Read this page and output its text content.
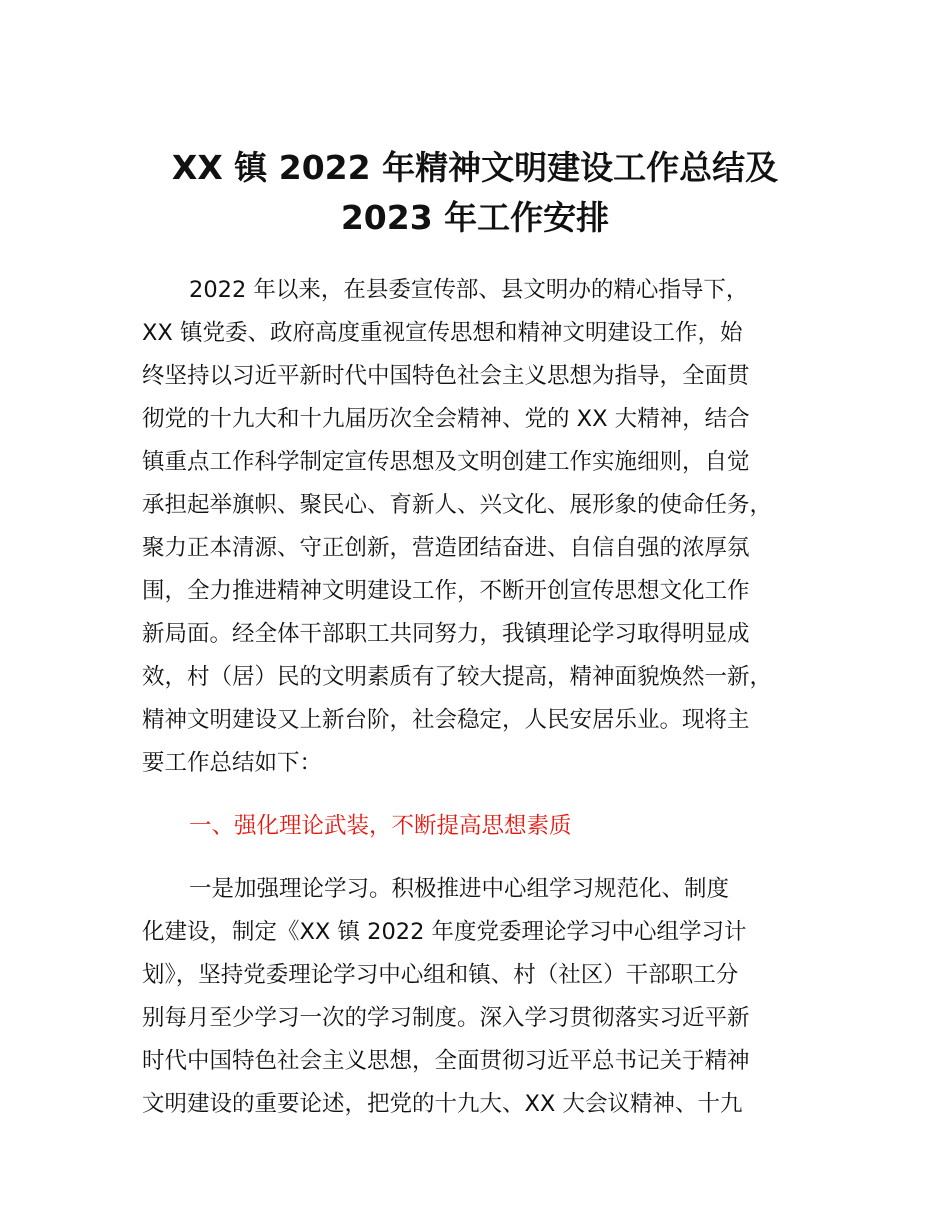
XX 镇 2022 年精神文明建设工作总结及
2023 年工作安排
2022 年以来，在县委宣传部、县文明办的精心指导下，
XX 镇党委、政府高度重视宣传思想和精神文明建设工作，始
终坚持以习近平新时代中国特色社会主义思想为指导，全面贯
彻党的十九大和十九届历次全会精神、党的 XX 大精神，结合
镇重点工作科学制定宣传思想及文明创建工作实施细则，自觉
承担起举旗帜、聚民心、育新人、兴文化、展形象的使命任务，
聚力正本清源、守正创新，营造团结奋进、自信自强的浓厚氛
围，全力推进精神文明建设工作，不断开创宣传思想文化工作
新局面。经全体干部职工共同努力，我镇理论学习取得明显成
效，村（居）民的文明素质有了较大提高，精神面貌焕然一新，
精神文明建设又上新台阶，社会稳定，人民安居乐业。现将主
要工作总结如下：
一、强化理论武装，不断提高思想素质
一是加强理论学习。积极推进中心组学习规范化、制度
化建设，制定《XX 镇 2022 年度党委理论学习中心组学习计
划》，坚持党委理论学习中心组和镇、村（社区）干部职工分
别每月至少学习一次的学习制度。深入学习贯彻落实习近平新
时代中国特色社会主义思想，全面贯彻习近平总书记关于精神
文明建设的重要论述，把党的十九大、XX 大会议精神、十九
